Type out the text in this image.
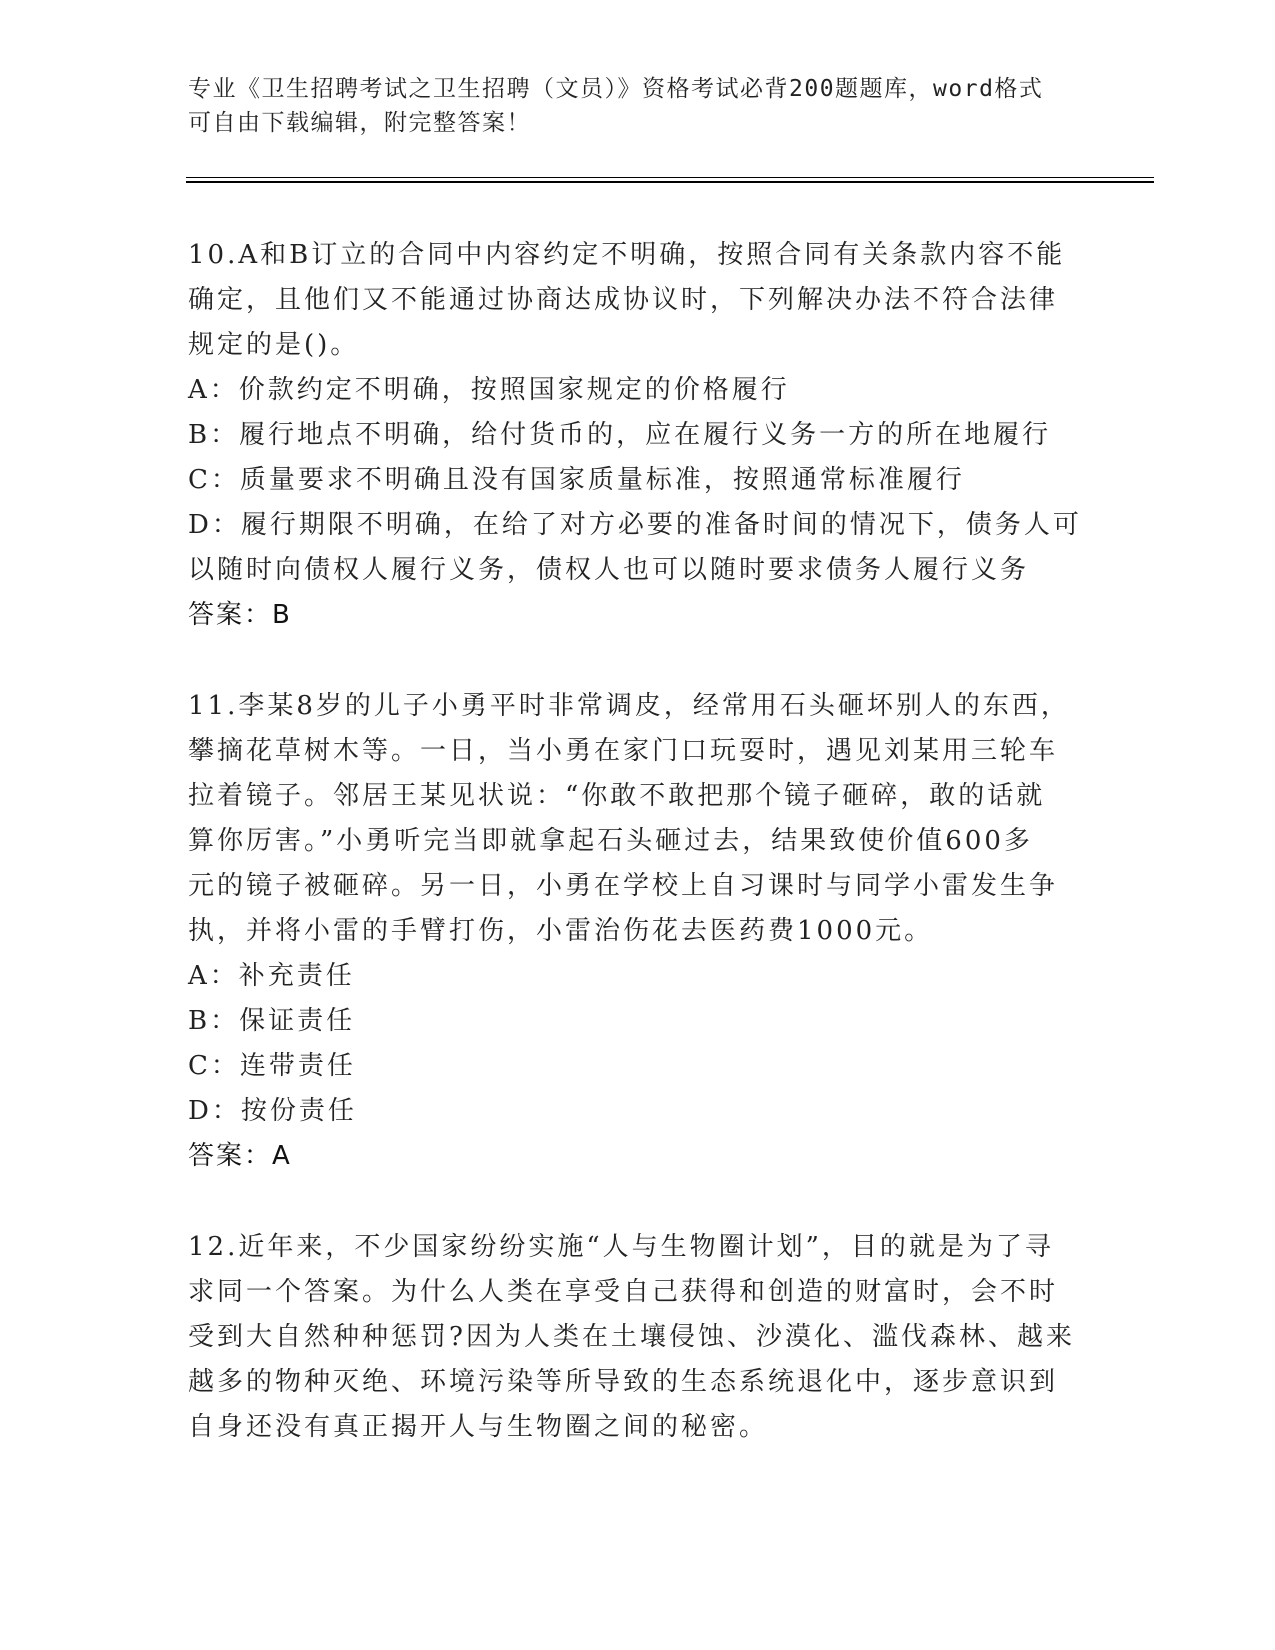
专业《卫生招聘考试之卫生招聘（文员）》资格考试必背200题题库，word格式
可自由下载编辑，附完整答案！
10.A和B订立的合同中内容约定不明确，按照合同有关条款内容不能
确定，且他们又不能通过协商达成协议时，下列解决办法不符合法律
规定的是()。
A：价款约定不明确，按照国家规定的价格履行
B：履行地点不明确，给付货币的，应在履行义务一方的所在地履行
C：质量要求不明确且没有国家质量标准，按照通常标准履行
D：履行期限不明确，在给了对方必要的准备时间的情况下，债务人可
以随时向债权人履行义务，债权人也可以随时要求债务人履行义务
答案：B
11.李某8岁的儿子小勇平时非常调皮，经常用石头砸坏别人的东西，
攀摘花草树木等。一日，当小勇在家门口玩耍时，遇见刘某用三轮车
拉着镜子。邻居王某见状说：“你敢不敢把那个镜子砸碎，敢的话就
算你厉害。”小勇听完当即就拿起石头砸过去，结果致使价值600多
元的镜子被砸碎。另一日，小勇在学校上自习课时与同学小雷发生争
执，并将小雷的手臂打伤，小雷治伤花去医药费1000元。
A：补充责任
B：保证责任
C：连带责任
D：按份责任
答案：A
12.近年来，不少国家纷纷实施“人与生物圈计划”，目的就是为了寻
求同一个答案。为什么人类在享受自己获得和创造的财富时，会不时
受到大自然种种惩罚?因为人类在土壤侵蚀、沙漠化、滥伐森林、越来
越多的物种灭绝、环境污染等所导致的生态系统退化中，逐步意识到
自身还没有真正揭开人与生物圈之间的秘密。
